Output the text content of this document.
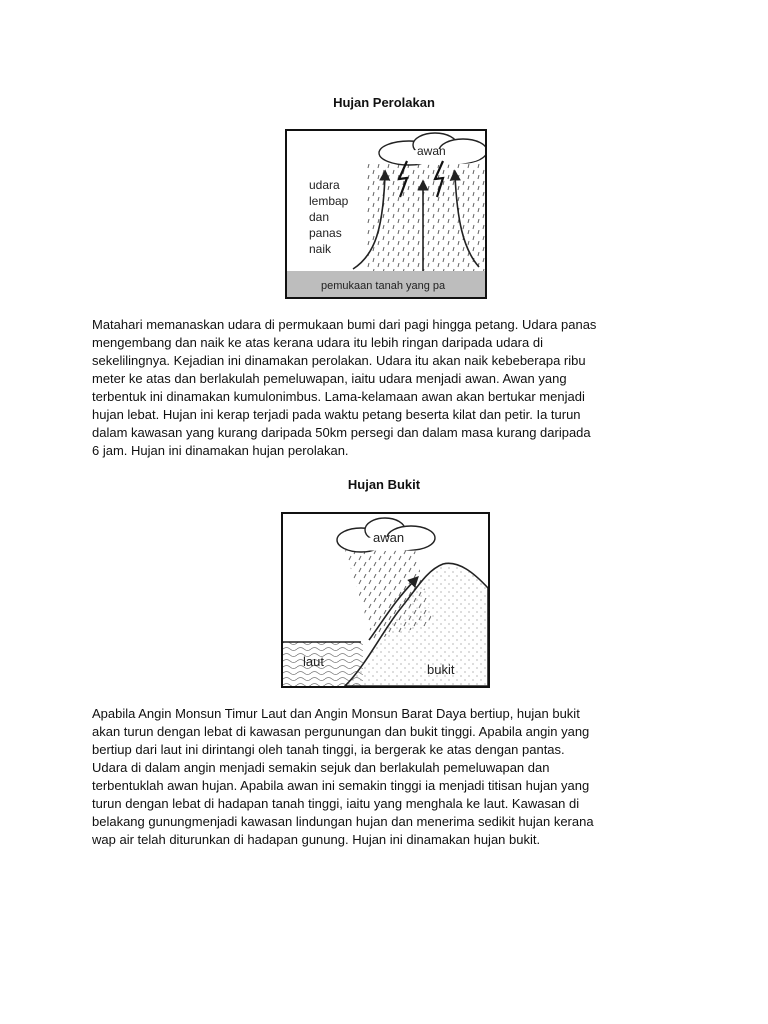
Hujan Perolakan
awan
udara
lembap
dan
panas
naik
pemukaan tanah yang pa

Matahari memanaskan udara di permukaan bumi dari pagi hingga petang. Udara panas
mengembang dan naik ke atas kerana udara itu lebih ringan daripada udara di
sekelilingnya. Kejadian ini dinamakan perolakan. Udara itu akan naik kebeberapa ribu
meter ke atas dan berlakulah pemeluwapan, iaitu udara menjadi awan. Awan yang
terbentuk ini dinamakan kumulonimbus. Lama-kelamaan awan akan bertukar menjadi
hujan lebat. Hujan ini kerap terjadi pada waktu petang beserta kilat dan petir. Ia turun
dalam kawasan yang kurang daripada 50km persegi dan dalam masa kurang daripada
6 jam. Hujan ini dinamakan hujan perolakan.

Hujan Bukit
awan
laut
bukit

Apabila Angin Monsun Timur Laut dan Angin Monsun Barat Daya bertiup, hujan bukit
akan turun dengan lebat di kawasan pergunungan dan bukit tinggi. Apabila angin yang
bertiup dari laut ini dirintangi oleh tanah tinggi, ia bergerak ke atas dengan pantas.
Udara di dalam angin menjadi semakin sejuk dan berlakulah pemeluwapan dan
terbentuklah awan hujan. Apabila awan ini semakin tinggi ia menjadi titisan hujan yang
turun dengan lebat di hadapan tanah tinggi, iaitu yang menghala ke laut. Kawasan di
belakang gunungmenjadi kawasan lindungan hujan dan menerima sedikit hujan kerana
wap air telah diturunkan di hadapan gunung. Hujan ini dinamakan hujan bukit.
